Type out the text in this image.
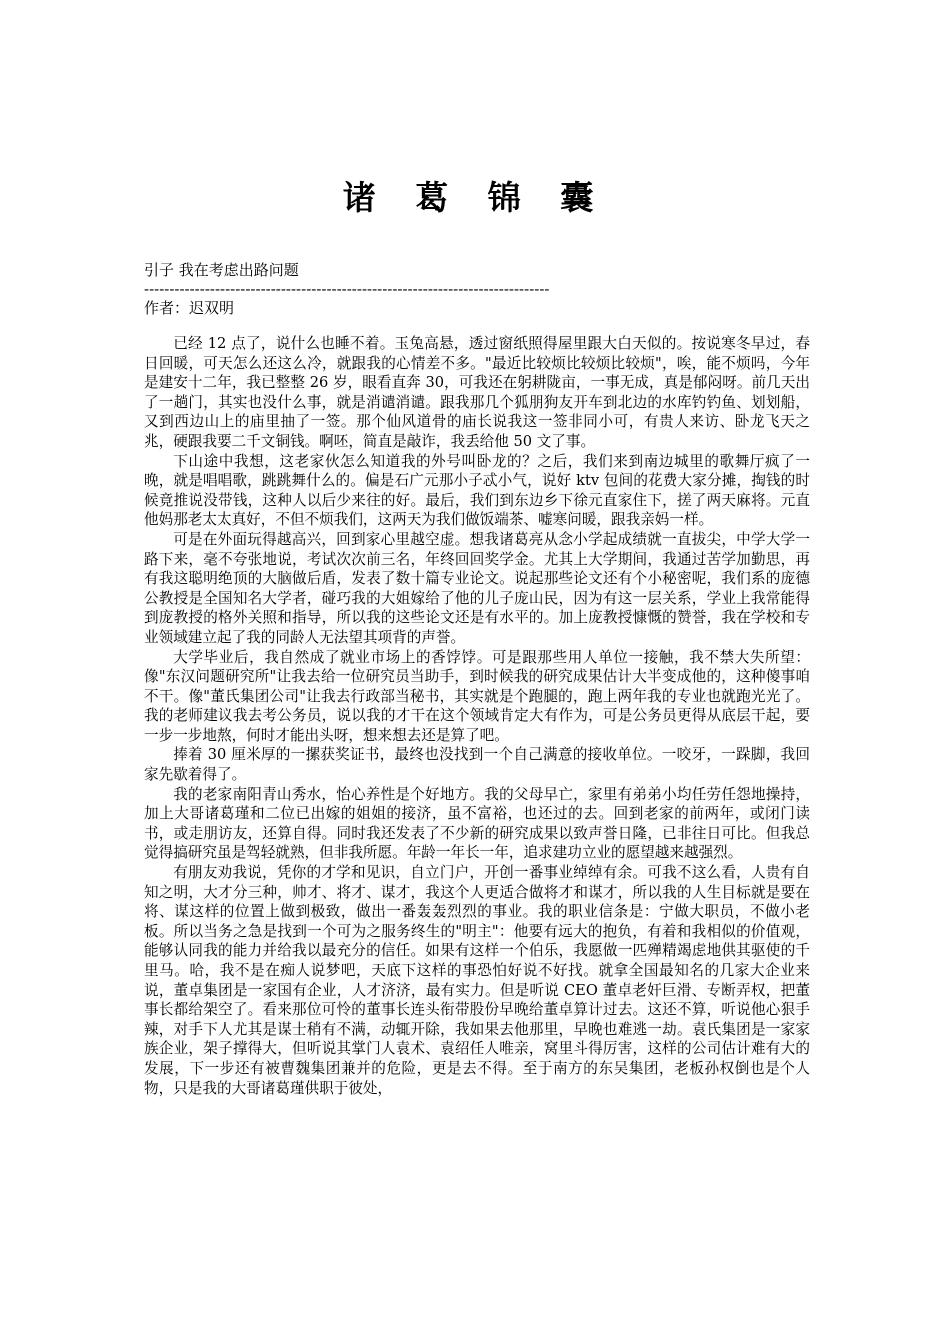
诸 葛 锦 囊
引子 我在考虑出路问题
--------------------------------------------------------------------------------
作者：迟双明

已经 12 点了，说什么也睡不着。玉兔高悬，透过窗纸照得屋里跟大白天似的。按说寒冬早过，春日回暖，可天怎么还这么冷，就跟我的心情差不多。"最近比较烦比较烦比较烦"，唉，能不烦吗，今年是建安十二年，我已整整 26 岁，眼看直奔 30，可我还在躬耕陇亩，一事无成，真是郁闷呀。前几天出了一趟门，其实也没什么事，就是消谴消谴。跟我那几个狐朋狗友开车到北边的水库钓钓鱼、划划船，又到西边山上的庙里抽了一签。那个仙风道骨的庙长说我这一签非同小可，有贵人来访、卧龙飞天之兆，硬跟我要二千文铜钱。啊呸，简直是敲诈，我丢给他 50 文了事。

下山途中我想，这老家伙怎么知道我的外号叫卧龙的？之后，我们来到南边城里的歌舞厅疯了一晚，就是唱唱歌，跳跳舞什么的。偏是石广元那小子忒小气，说好 ktv 包间的花费大家分摊，掏钱的时候竟推说没带钱，这种人以后少来往的好。最后，我们到东边乡下徐元直家住下，搓了两天麻将。元直他妈那老太太真好，不但不烦我们，这两天为我们做饭端茶、嘘寒问暖，跟我亲妈一样。

可是在外面玩得越高兴，回到家心里越空虚。想我诸葛亮从念小学起成绩就一直拔尖，中学大学一路下来，毫不夸张地说，考试次次前三名，年终回回奖学金。尤其上大学期间，我通过苦学加勤思，再有我这聪明绝顶的大脑做后盾，发表了数十篇专业论文。说起那些论文还有个小秘密呢，我们系的庞德公教授是全国知名大学者，碰巧我的大姐嫁给了他的儿子庞山民，因为有这一层关系，学业上我常能得到庞教授的格外关照和指导，所以我的这些论文还是有水平的。加上庞教授慷慨的赞誉，我在学校和专业领域建立起了我的同龄人无法望其项背的声誉。

大学毕业后，我自然成了就业市场上的香饽饽。可是跟那些用人单位一接触，我不禁大失所望：像"东汉问题研究所"让我去给一位研究员当助手，到时候我的研究成果估计大半变成他的，这种傻事咱不干。像"董氏集团公司"让我去行政部当秘书，其实就是个跑腿的，跑上两年我的专业也就跑光光了。我的老师建议我去考公务员，说以我的才干在这个领域肯定大有作为，可是公务员更得从底层干起，要一步一步地熬，何时才能出头呀，想来想去还是算了吧。

捧着 30 厘米厚的一摞获奖证书，最终也没找到一个自己满意的接收单位。一咬牙，一跺脚，我回家先歇着得了。

我的老家南阳青山秀水，怡心养性是个好地方。我的父母早亡，家里有弟弟小均任劳任怨地操持，加上大哥诸葛瑾和二位已出嫁的姐姐的接济，虽不富裕，也还过的去。回到老家的前两年，或闭门读书，或走朋访友，还算自得。同时我还发表了不少新的研究成果以致声誉日隆，已非往日可比。但我总觉得搞研究虽是驾轻就熟，但非我所愿。年龄一年长一年，追求建功立业的愿望越来越强烈。

有朋友劝我说，凭你的才学和见识，自立门户，开创一番事业绰绰有余。可我不这么看，人贵有自知之明，大才分三种，帅才、将才、谋才，我这个人更适合做将才和谋才，所以我的人生目标就是要在将、谋这样的位置上做到极致，做出一番轰轰烈烈的事业。我的职业信条是：宁做大职员，不做小老板。所以当务之急是找到一个可为之服务终生的"明主"：他要有远大的抱负，有着和我相似的价值观，能够认同我的能力并给我以最充分的信任。如果有这样一个伯乐，我愿做一匹殚精竭虑地供其驱使的千里马。哈，我不是在痴人说梦吧，天底下这样的事恐怕好说不好找。就拿全国最知名的几家大企业来说，董卓集团是一家国有企业，人才济济，最有实力。但是听说 CEO 董卓老奸巨滑、专断弄权，把董事长都给架空了。看来那位可怜的董事长连头衔带股份早晚给董卓算计过去。这还不算，听说他心狠手辣，对手下人尤其是谋士稍有不满，动辄开除，我如果去他那里，早晚也难逃一劫。袁氏集团是一家家族企业，架子撑得大，但听说其掌门人袁术、袁绍任人唯亲，窝里斗得厉害，这样的公司估计难有大的发展，下一步还有被曹魏集团兼并的危险，更是去不得。至于南方的东吴集团，老板孙权倒也是个人物，只是我的大哥诸葛瑾供职于彼处，
